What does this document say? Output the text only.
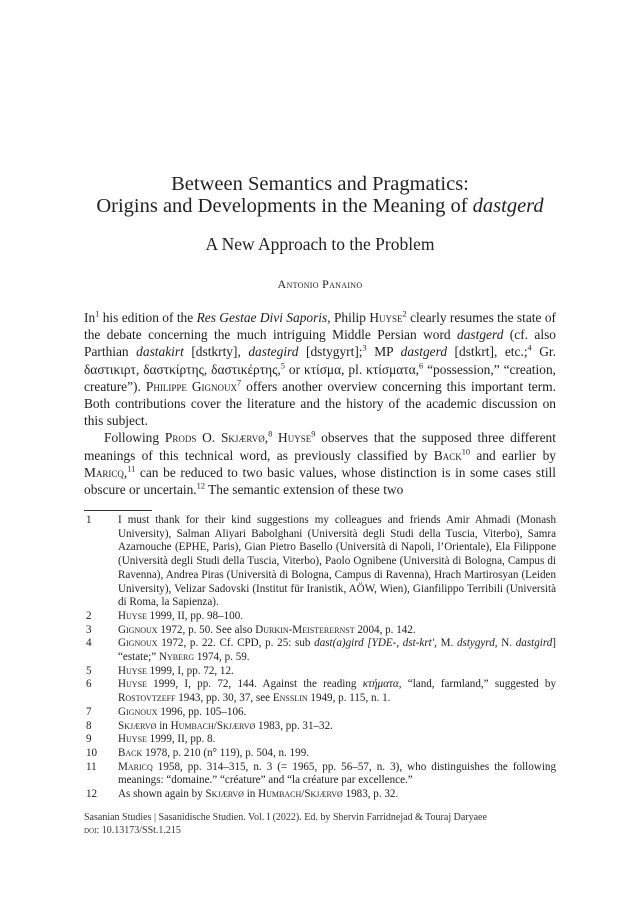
Between Semantics and Pragmatics:
Origins and Developments in the Meaning of dastgerd
A New Approach to the Problem
Antonio Panaino

In$^1$ his edition of the Res Gestae Divi Saporis, Philip Huyse$^2$ clearly resumes the state of the debate concerning the much intriguing Middle Persian word dastgerd (cf. also Parthian dastakirt [dstkrty], dastegird [dstygyrt];$^3$ MP dastgerd [dstkrt], etc.;$^4$ Gr. δαστικιρτ, δαστκίρτης, δαστικέρτης,$^5$ or κτίσμα, pl. κτίσματα,$^6$ “possession,” “creation, creature”). Philippe Gignoux$^7$ offers another overview concerning this important term. Both contributions cover the literature and the history of the academic discussion on this subject.

Following Prods O. Skjærvø,$^8$ Huyse$^9$ observes that the supposed three different meanings of this technical word, as previously classified by Back$^{10}$ and earlier by Maricq,$^{11}$ can be reduced to two basic values, whose distinction is in some cases still obscure or uncertain.$^{12}$ The semantic extension of these two

1	I must thank for their kind suggestions my colleagues and friends Amir Ahmadi (Monash University), Salman Aliyari Babolghani (Università degli Studi della Tuscia, Viterbo), Samra Azarnouche (EPHE, Paris), Gian Pietro Basello (Università di Napoli, l’Orientale), Ela Filippone (Università degli Studi della Tuscia, Viterbo), Paolo Ognibene (Università di Bologna, Campus di Ravenna), Andrea Piras (Università di Bologna, Campus di Ravenna), Hrach Martirosyan (Leiden University), Velizar Sadovski (Institut für Iranistik, AÖW, Wien), Gianfilippo Terribili (Università di Roma, la Sapienza).
2	Huyse 1999, II, pp. 98–100.
3	Gignoux 1972, p. 50. See also Durkin-Meisterernst 2004, p. 142.
4	Gignoux 1972, p. 22. Cf. CPD, p. 25: sub dast(a)gird [YDE-, dst-krt', M. dstygyrd, N. dastgird] “estate;” Nyberg 1974, p. 59.
5	Huyse 1999, I, pp. 72, 12.
6	Huyse 1999, I, pp. 72, 144. Against the reading κτήματα, “land, farmland,” suggested by Rostovtzeff 1943, pp. 30, 37, see Ensslin 1949, p. 115, n. 1.
7	Gignoux 1996, pp. 105–106.
8	Skjærvø in Humbach/Skjærvø 1983, pp. 31–32.
9	Huyse 1999, II, pp. 8.
10	Back 1978, p. 210 (n° 119), p. 504, n. 199.
11	Maricq 1958, pp. 314–315, n. 3 (= 1965, pp. 56–57, n. 3), who distinguishes the following meanings: “domaine.” “créature” and “la créature par excellence.”
12	As shown again by Skjærvø in Humbach/Skjærvø 1983, p. 32.
Sasanian Studies | Sasanidische Studien. Vol. I (2022). Ed. by Shervin Farridnejad & Touraj Daryaee
doi: 10.13173/SSt.1.215
